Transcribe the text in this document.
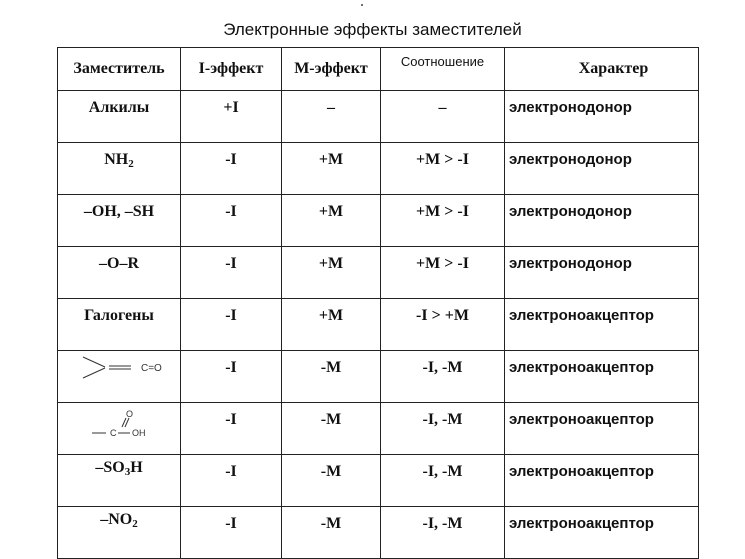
Электронные эффекты заместителей
Заместитель	I-эффект	M-эффект	Соотношение	Характер
Алкилы	+I	–	–	электронодонор
$NH_2$	-I	+M	+M > -I	электронодонор
–OH, –SH	-I	+M	+M > -I	электронодонор
–O–R	-I	+M	+M > -I	электронодонор
Галогены	-I	+M	-I > +M	электроноакцептор

C=O	-I	-M	-I, -M	электроноакцептор

O
C OH	-I	-M	-I, -M	электроноакцептор
$-SO_3H$	-I	-M	-I, -M	электроноакцептор
$-NO_2$	-I	-M	-I, -M	электроноакцептор
